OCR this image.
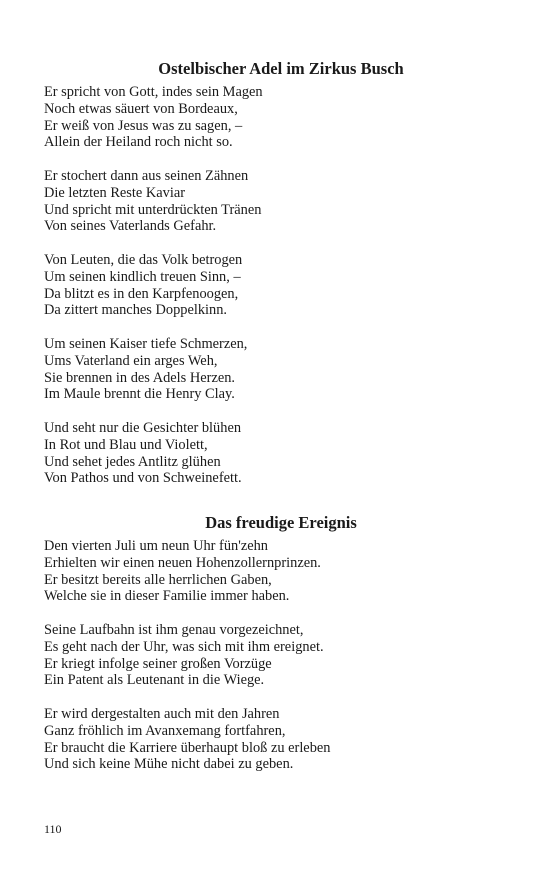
Ostelbischer Adel im Zirkus Busch
Er spricht von Gott, indes sein Magen
Noch etwas säuert von Bordeaux,
Er weiß von Jesus was zu sagen, –
Allein der Heiland roch nicht so.
Er stochert dann aus seinen Zähnen
Die letzten Reste Kaviar
Und spricht mit unterdrückten Tränen
Von seines Vaterlands Gefahr.
Von Leuten, die das Volk betrogen
Um seinen kindlich treuen Sinn, –
Da blitzt es in den Karpfenoogen,
Da zittert manches Doppelkinn.
Um seinen Kaiser tiefe Schmerzen,
Ums Vaterland ein arges Weh,
Sie brennen in des Adels Herzen.
Im Maule brennt die Henry Clay.
Und seht nur die Gesichter blühen
In Rot und Blau und Violett,
Und sehet jedes Antlitz glühen
Von Pathos und von Schweinefett.
Das freudige Ereignis
Den vierten Juli um neun Uhr fün'zehn
Erhielten wir einen neuen Hohenzollernprinzen.
Er besitzt bereits alle herrlichen Gaben,
Welche sie in dieser Familie immer haben.
Seine Laufbahn ist ihm genau vorgezeichnet,
Es geht nach der Uhr, was sich mit ihm ereignet.
Er kriegt infolge seiner großen Vorzüge
Ein Patent als Leutenant in die Wiege.
Er wird dergestalten auch mit den Jahren
Ganz fröhlich im Avanxemang fortfahren,
Er braucht die Karriere überhaupt bloß zu erleben
Und sich keine Mühe nicht dabei zu geben.
110
